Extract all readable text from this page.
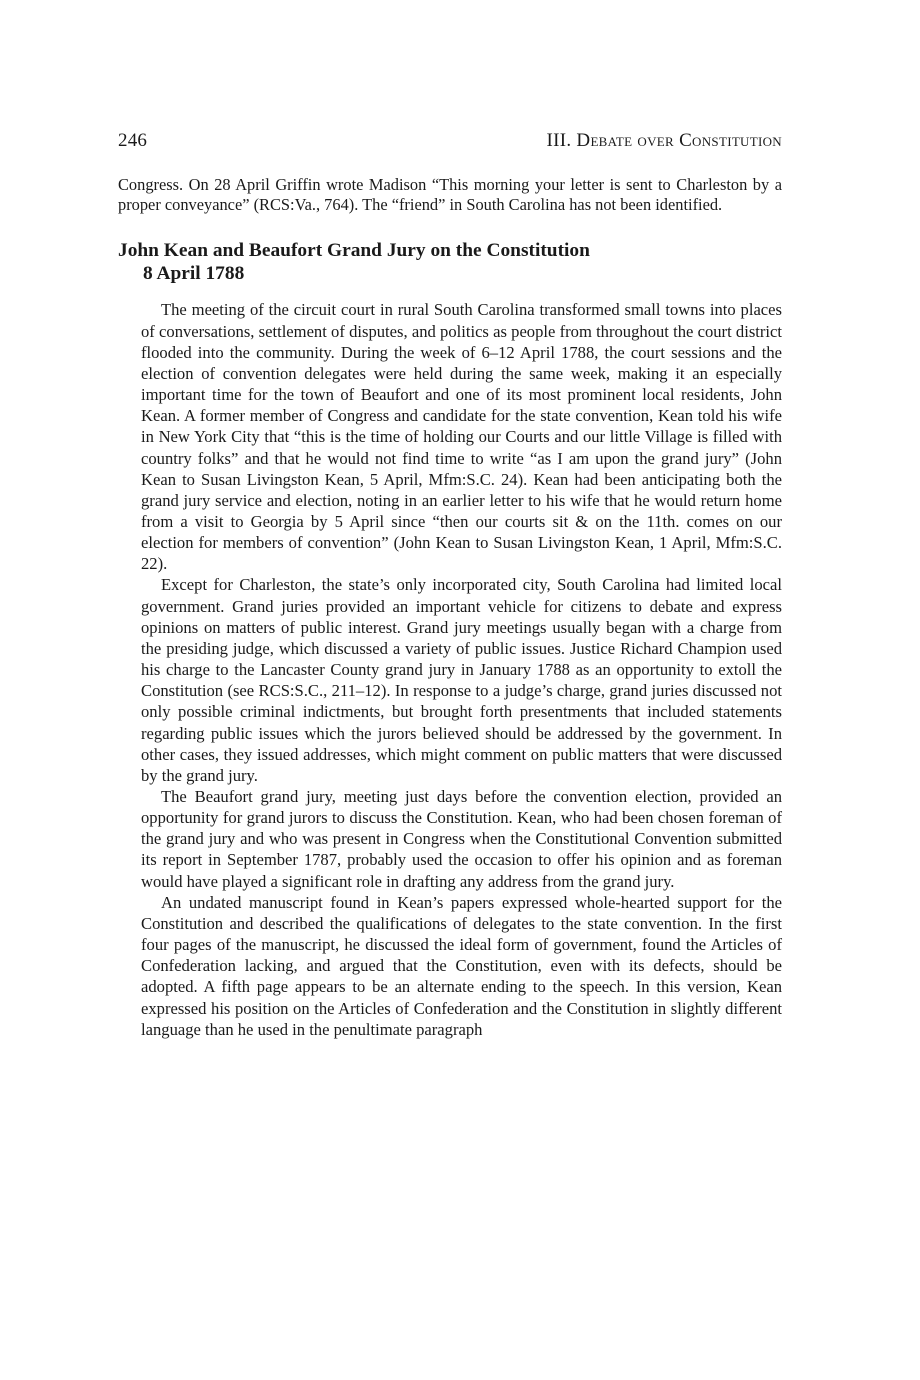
246	III. Debate over Constitution
Congress. On 28 April Griffin wrote Madison “This morning your letter is sent to Charleston by a proper conveyance” (RCS:Va., 764). The “friend” in South Carolina has not been identified.
John Kean and Beaufort Grand Jury on the Constitution
8 April 1788

The meeting of the circuit court in rural South Carolina transformed small towns into places of conversations, settlement of disputes, and politics as people from throughout the court district flooded into the community. During the week of 6–12 April 1788, the court sessions and the election of convention delegates were held during the same week, making it an especially important time for the town of Beaufort and one of its most prominent local residents, John Kean. A former member of Congress and candidate for the state convention, Kean told his wife in New York City that “this is the time of holding our Courts and our little Village is filled with country folks” and that he would not find time to write “as I am upon the grand jury” (John Kean to Susan Livingston Kean, 5 April, Mfm:S.C. 24). Kean had been anticipating both the grand jury service and election, noting in an earlier letter to his wife that he would return home from a visit to Georgia by 5 April since “then our courts sit & on the 11th. comes on our election for members of convention” (John Kean to Susan Livingston Kean, 1 April, Mfm:S.C. 22).

Except for Charleston, the state’s only incorporated city, South Carolina had limited local government. Grand juries provided an important vehicle for citizens to debate and express opinions on matters of public interest. Grand jury meetings usually began with a charge from the presiding judge, which discussed a variety of public issues. Justice Richard Champion used his charge to the Lancaster County grand jury in January 1788 as an opportunity to extoll the Constitution (see RCS:S.C., 211–12). In response to a judge’s charge, grand juries discussed not only possible criminal indictments, but brought forth presentments that included statements regarding public issues which the jurors believed should be addressed by the government. In other cases, they issued addresses, which might comment on public matters that were discussed by the grand jury.

The Beaufort grand jury, meeting just days before the convention election, provided an opportunity for grand jurors to discuss the Constitution. Kean, who had been chosen foreman of the grand jury and who was present in Congress when the Constitutional Convention submitted its report in September 1787, probably used the occasion to offer his opinion and as foreman would have played a significant role in drafting any address from the grand jury.

An undated manuscript found in Kean’s papers expressed whole-hearted support for the Constitution and described the qualifications of delegates to the state convention. In the first four pages of the manuscript, he discussed the ideal form of government, found the Articles of Confederation lacking, and argued that the Constitution, even with its defects, should be adopted. A fifth page appears to be an alternate ending to the speech. In this version, Kean expressed his position on the Articles of Confederation and the Constitution in slightly different language than he used in the penultimate paragraph
